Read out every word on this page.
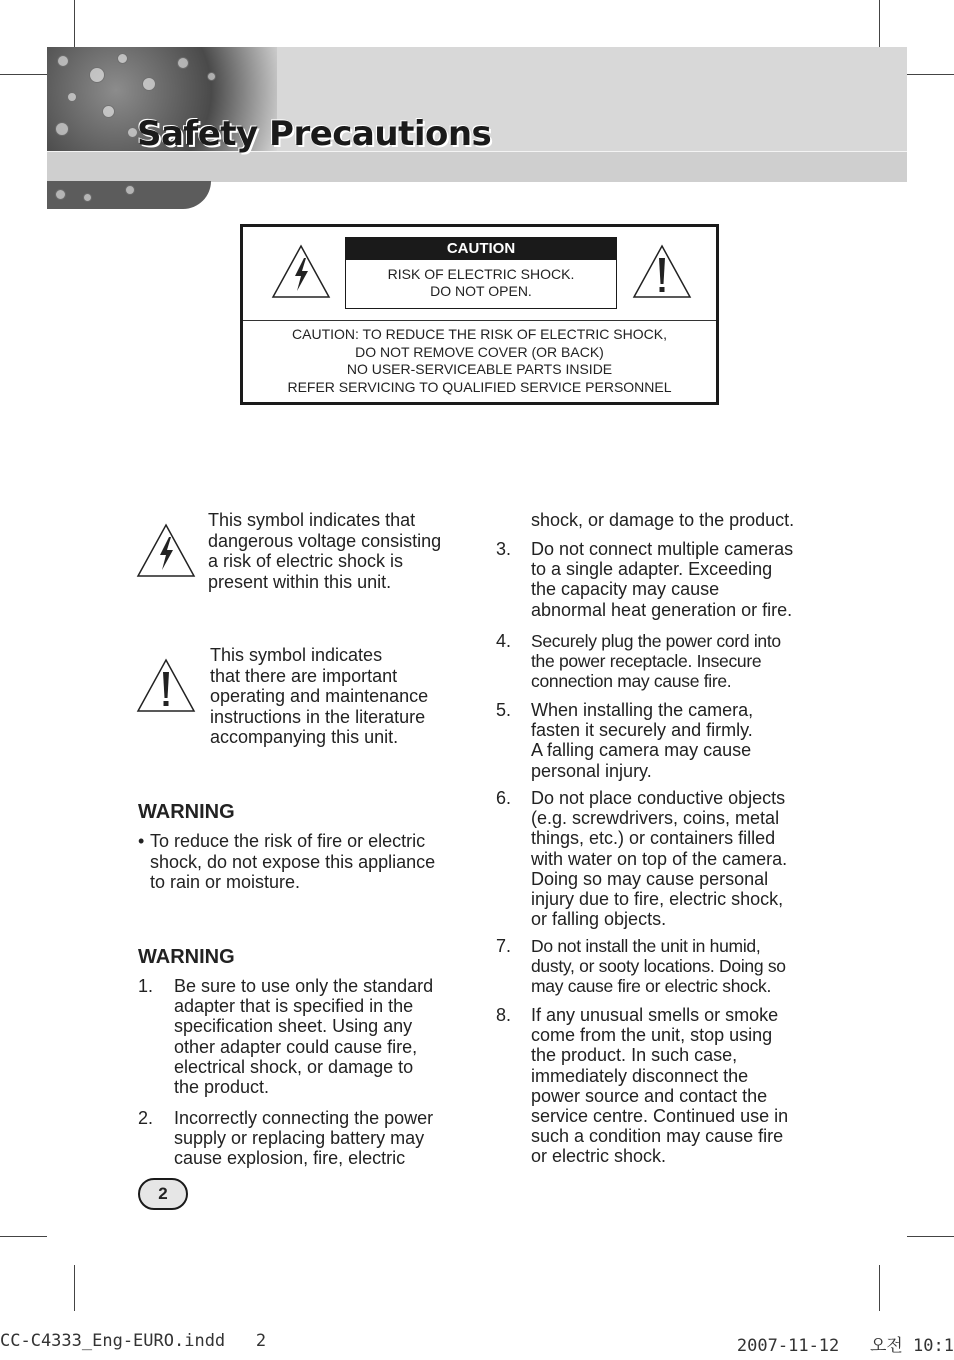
Safety Precautions
CAUTION
RISK OF ELECTRIC SHOCK.
DO NOT OPEN.
CAUTION: TO REDUCE THE RISK OF ELECTRIC SHOCK,
DO NOT REMOVE COVER (OR BACK)
NO USER-SERVICEABLE PARTS INSIDE
REFER SERVICING TO QUALIFIED SERVICE PERSONNEL
This symbol indicates that
dangerous voltage consisting
a risk of electric shock is
present within this unit.
This symbol indicates
that there are important
operating and maintenance
instructions in the literature
accompanying this unit.
WARNING
• To reduce the risk of fire or electric
shock, do not expose this appliance
to rain or moisture.
WARNING
1. Be sure to use only the standard
adapter that is specified in the
specification sheet. Using any
other adapter could cause fire,
electrical shock, or damage to
the product.
2. Incorrectly connecting the power
supply or replacing battery may
cause explosion, fire, electric
shock, or damage to the product.
3. Do not connect multiple cameras
to a single adapter. Exceeding
the capacity may cause
abnormal heat generation or fire.
4. Securely plug the power cord into
the power receptacle. Insecure
connection may cause fire.
5. When installing the camera,
fasten it securely and firmly.
A falling camera may cause
personal injury.
6. Do not place conductive objects
(e.g. screwdrivers, coins, metal
things, etc.) or containers filled
with water on top of the camera.
Doing so may cause personal
injury due to fire, electric shock,
or falling objects.
7. Do not install the unit in humid,
dusty, or sooty locations. Doing so
may cause fire or electric shock.
8. If any unusual smells or smoke
come from the unit, stop using
the product. In such case,
immediately disconnect the
power source and contact the
service centre. Continued use in
such a condition may cause fire
or electric shock.
2
CC-C4333_Eng-EURO.indd   2	2007-11-12   오전 10:1
